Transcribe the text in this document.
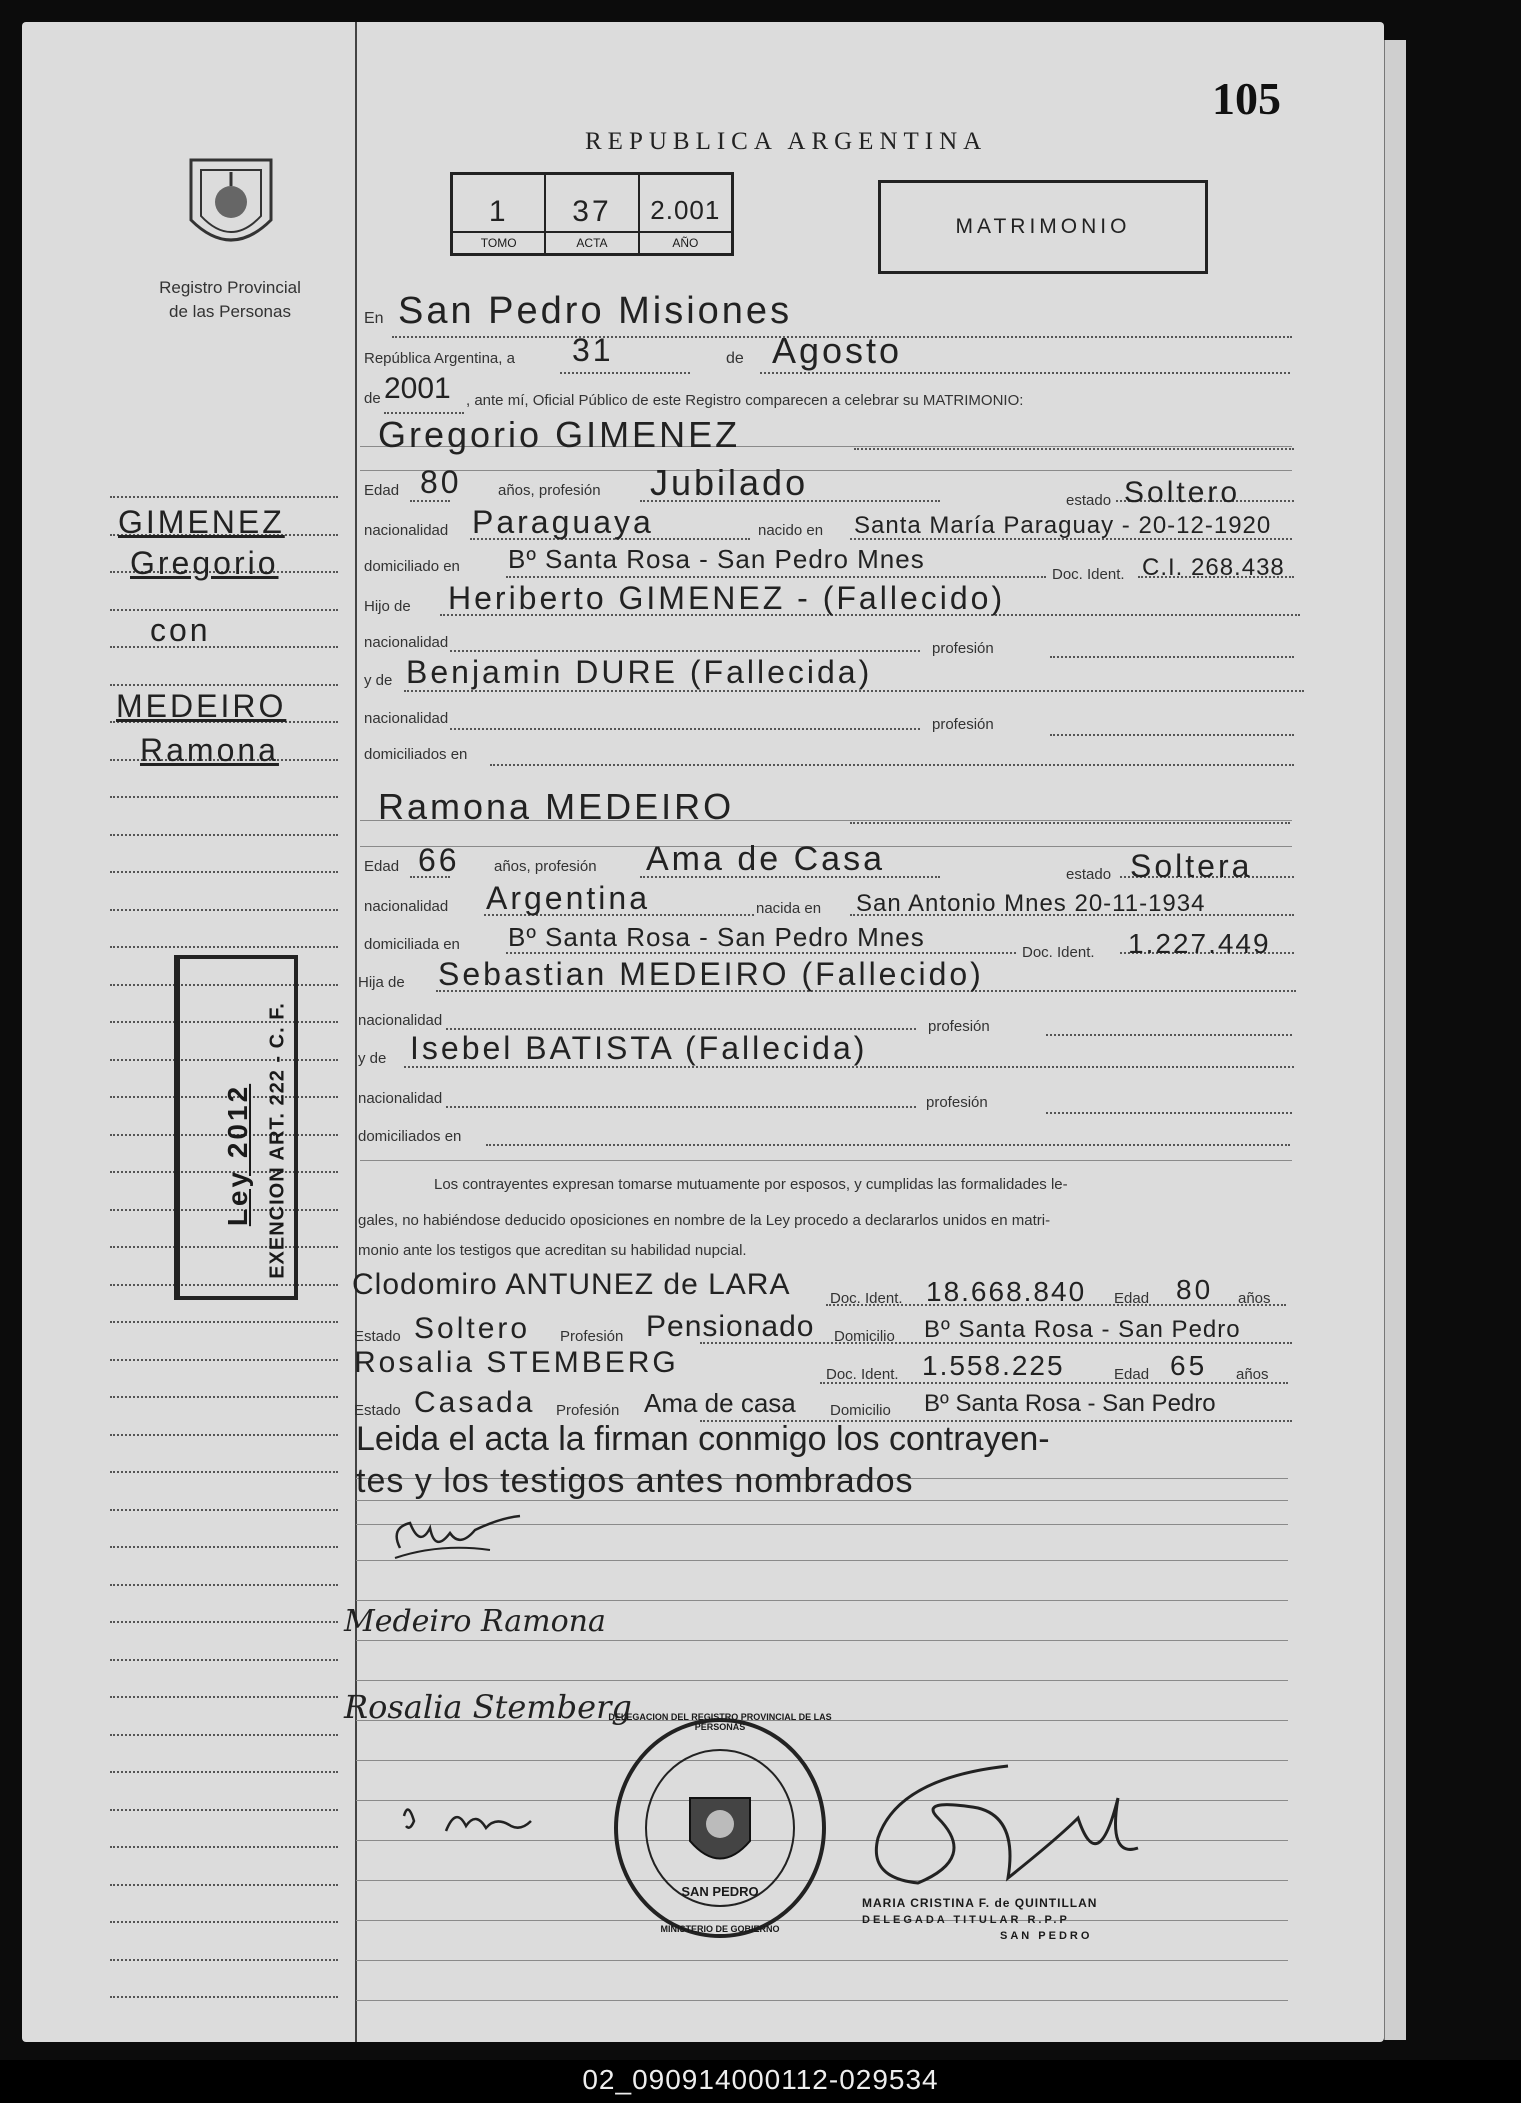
105
Registro Provincial
de las Personas
REPUBLICA ARGENTINA
1
TOMO
37
ACTA
2.001
AÑO
MATRIMONIO
GIMENEZ
Gregorio
con
MEDEIRO
Ramona
Ley 2012 EXENCION ART. 222 - C. F.
En San Pedro Misiones
República Argentina, a 31	de Agosto
de 2001 , ante mí, Oficial Público de este Registro comparecen a celebrar su MATRIMONIO:
Gregorio GIMENEZ
Edad 80 años, profesión Jubilado	estado Soltero
nacionalidad Paraguaya	nacido en Santa María Paraguay - 20-12-1920
domiciliado en Bº Santa Rosa - San Pedro Mnes
Doc. Ident. C.I. 268.438
Hijo de Heriberto GIMENEZ - (Fallecido)
nacionalidad	profesión
y de Benjamin DURE (Fallecida)
nacionalidad	profesión
domiciliados en
Ramona MEDEIRO
Edad 66 años, profesión Ama de Casa	estado Soltera
nacionalidad Argentina	nacida en San Antonio Mnes 20-11-1934
domiciliada en Bº Santa Rosa - San Pedro Mnes
Doc. Ident. 1.227.449
Hija de Sebastian MEDEIRO (Fallecido)
nacionalidad	profesión
y de Isebel BATISTA (Fallecida)
nacionalidad	profesión
domiciliados en
Los contrayentes expresan tomarse mutuamente por esposos, y cumplidas las formalidades le-
gales, no habiéndose deducido oposiciones en nombre de la Ley procedo a declararlos unidos en matri-
monio ante los testigos que acreditan su habilidad nupcial.
Clodomiro ANTUNEZ de LARA	Doc. Ident. 18.668.840 Edad 80 años
Estado Soltero Profesión Pensionado Domicilio Bº Santa Rosa - San Pedro
Rosalia STEMBERG	Doc. Ident. 1.558.225	Edad 65 años
Estado Casada Profesión Ama de casa Domicilio Bº Santa Rosa - San Pedro
Leida el acta la firman conmigo los contrayen-
tes y los testigos antes nombrados
Medeiro Ramona
Rosalia Stemberg
DELEGACION DEL REGISTRO PROVINCIAL DE LAS PERSONAS
SAN PEDRO
MINISTERIO DE GOBIERNO
MARIA CRISTINA F. de QUINTILLAN
DELEGADA TITULAR R.P.P
SAN PEDRO
02_090914000112-029534
